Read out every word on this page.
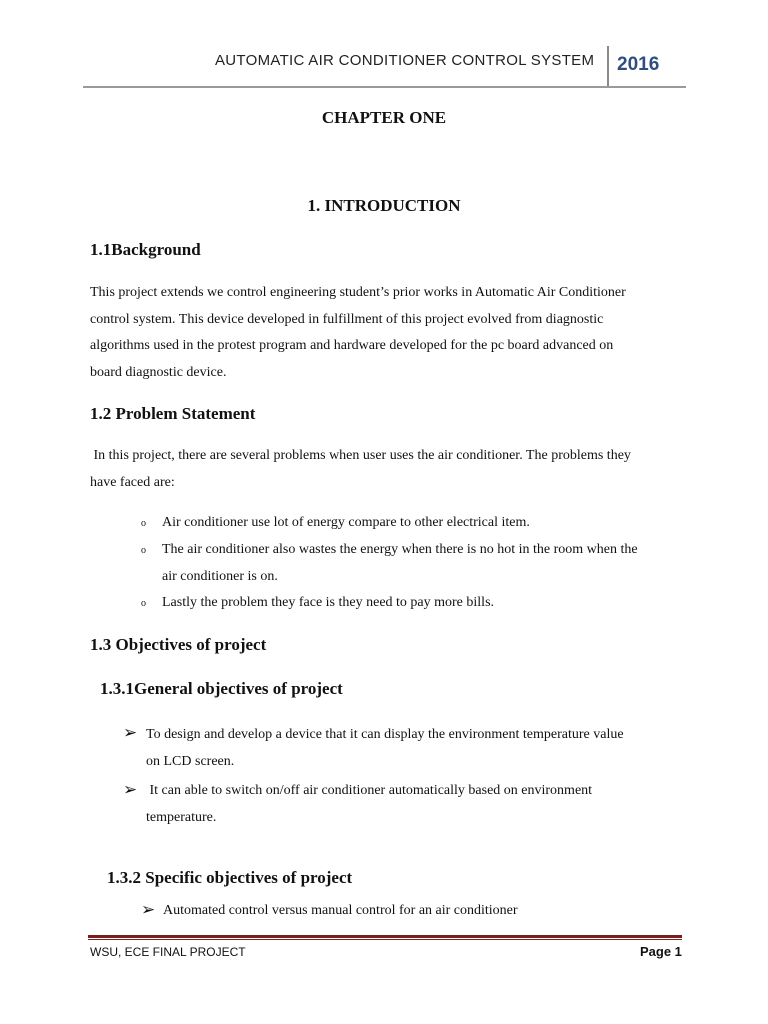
AUTOMATIC AIR CONDITIONER CONTROL SYSTEM 2016
CHAPTER ONE
1. INTRODUCTION
1.1Background
This project extends we control engineering student’s prior works in Automatic Air Conditioner
control system. This device developed in fulfillment of this project evolved from diagnostic
algorithms used in the protest program and hardware developed for the pc board advanced on
board diagnostic device.
1.2 Problem Statement
In this project, there are several problems when user uses the air conditioner. The problems they
have faced are:
o Air conditioner use lot of energy compare to other electrical item.
o The air conditioner also wastes the energy when there is no hot in the room when the
air conditioner is on.
o Lastly the problem they face is they need to pay more bills.
1.3 Objectives of project
1.3.1General objectives of project
➢ To design and develop a device that it can display the environment temperature value
on LCD screen.
➢ It can able to switch on/off air conditioner automatically based on environment
temperature.
1.3.2 Specific objectives of project
➢ Automated control versus manual control for an air conditioner
WSU, ECE FINAL PROJECT	Page 1
